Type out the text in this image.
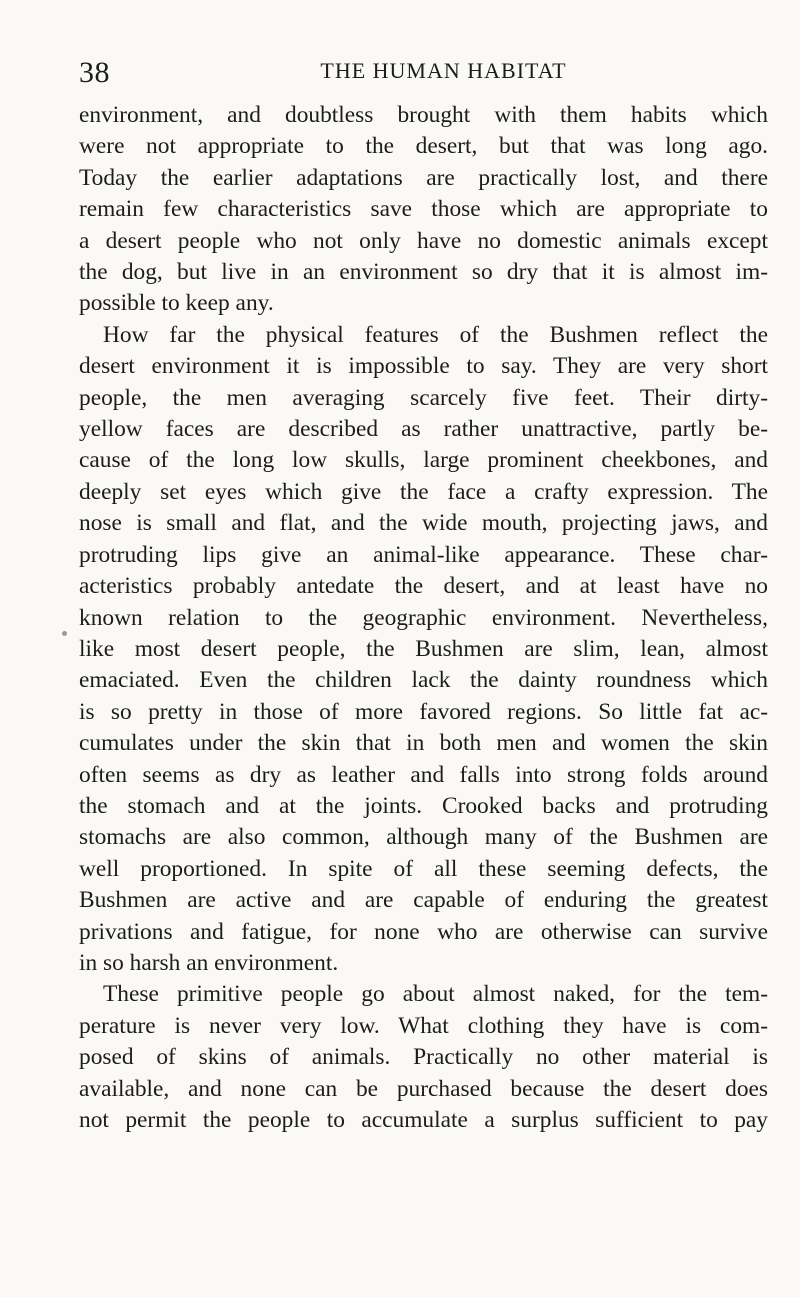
38	THE HUMAN HABITAT
environment, and doubtless brought with them habits which
were not appropriate to the desert, but that was long ago.
Today the earlier adaptations are practically lost, and there
remain few characteristics save those which are appropriate to
a desert people who not only have no domestic animals except
the dog, but live in an environment so dry that it is almost im-
possible to keep any.
How far the physical features of the Bushmen reflect the
desert environment it is impossible to say. They are very short
people, the men averaging scarcely five feet. Their dirty-
yellow faces are described as rather unattractive, partly be-
cause of the long low skulls, large prominent cheekbones, and
deeply set eyes which give the face a crafty expression. The
nose is small and flat, and the wide mouth, projecting jaws, and
protruding lips give an animal-like appearance. These char-
acteristics probably antedate the desert, and at least have no
known relation to the geographic environment. Nevertheless,
like most desert people, the Bushmen are slim, lean, almost
emaciated. Even the children lack the dainty roundness which
is so pretty in those of more favored regions. So little fat ac-
cumulates under the skin that in both men and women the skin
often seems as dry as leather and falls into strong folds around
the stomach and at the joints. Crooked backs and protruding
stomachs are also common, although many of the Bushmen are
well proportioned. In spite of all these seeming defects, the
Bushmen are active and are capable of enduring the greatest
privations and fatigue, for none who are otherwise can survive
in so harsh an environment.
These primitive people go about almost naked, for the tem-
perature is never very low. What clothing they have is com-
posed of skins of animals. Practically no other material is
available, and none can be purchased because the desert does
not permit the people to accumulate a surplus sufficient to pay
